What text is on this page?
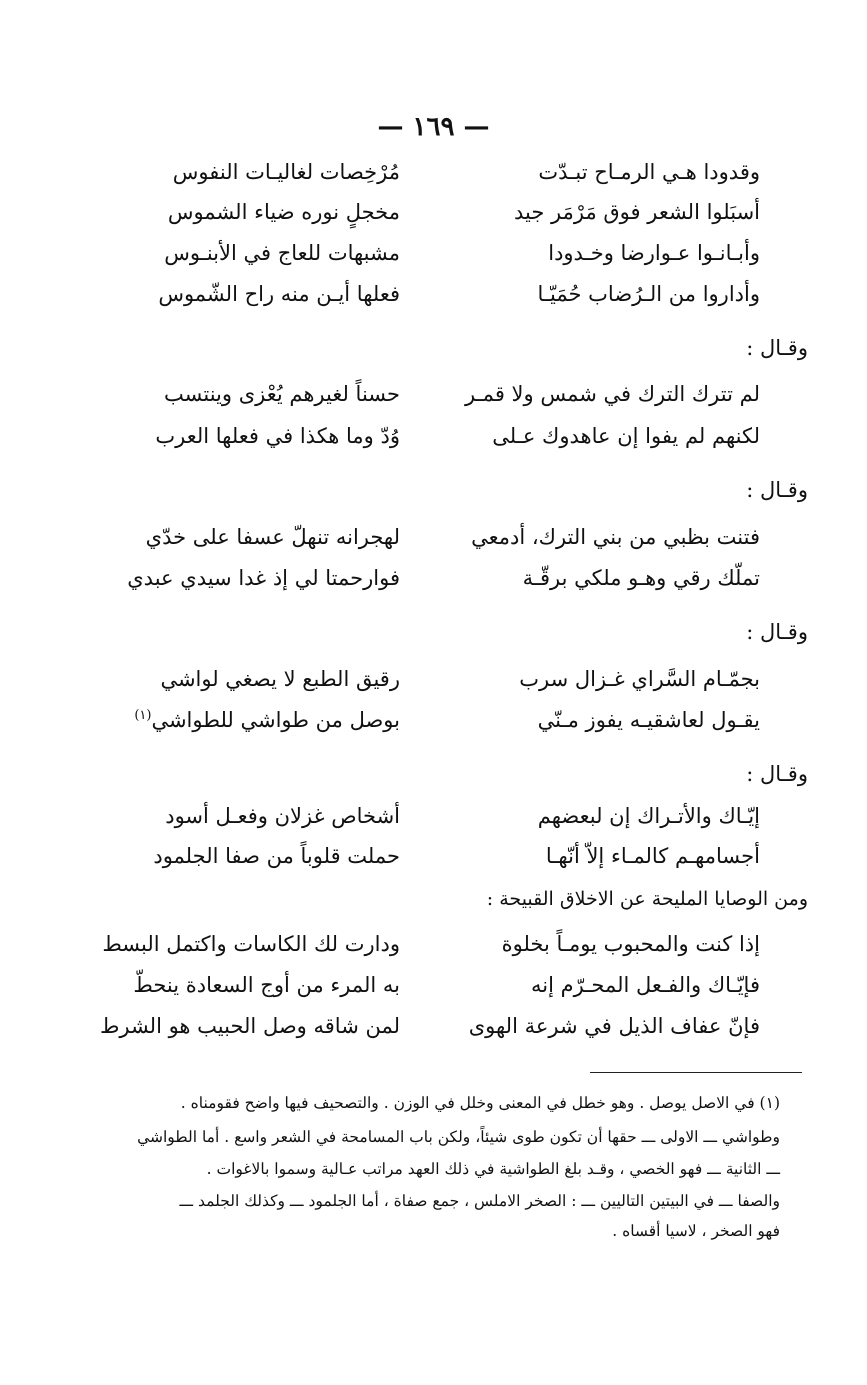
— ١٦٩ —
وقدودا هـي الرمـاح تبـدّت
مُرْخِصات لغاليـات النفوس
أسبَلوا الشعر فوق مَرْمَر جيد
مخجلٍ نوره ضياء الشموس
وأبـانـوا عـوارضا وخـدودا
مشبهات للعاج في الأبنـوس
وأداروا من الـرُضاب حُمَيّـا
فعلها أيـن منه راح الشّموس
وقـال :
لم تترك الترك في شمس ولا قمـر
حسناً لغيرهم يُعْزى وينتسب
لكنهم لم يفوا إن عاهدوك عـلى
وُدّ وما هكذا في فعلها العرب
وقـال :
فتنت بظبي من بني الترك، أدمعي
لهجرانه تنهلّ عسفا على خدّي
تملّك رقي وهـو ملكي برقّـة
فوارحمتا لي إذ غدا سيدي عبدي
وقـال :
بجمّـام السَّراي غـزال سرب
رقيق الطبع لا يصغي لواشي
يقـول لعاشقيـه يفوز مـنّي
بوصل من طواشي للطواشي$^{(١)}$
وقـال :
إيّـاك والأتـراك إن لبعضهم
أشخاص غزلان وفعـل أسود
أجسامهـم كالمـاء إلاّ أنّهـا
حملت قلوباً من صفا الجلمود
ومن الوصايا المليحة عن الاخلاق القبيحة :
إذا كنت والمحبوب يومـاً بخلوة
ودارت لك الكاسات واكتمل البسط
فإيّـاك والفـعل المحـرّم إنه
به المرء من أوج السعادة ينحطّ
فإنّ عفاف الذيل في شرعة الهوى
لمن شاقه وصل الحبيب هو الشرط
(١) في الاصل يوصل . وهو خطل في المعنى وخلل في الوزن . والتصحيف فيها واضح فقومناه .
وطواشي ـــ الاولى ـــ حقها أن تكون طوى شيئاً، ولكن باب المسامحة في الشعر واسع . أما الطواشي
ـــ الثانية ـــ فهو الخصي ، وقـد بلغ الطواشية في ذلك العهد مراتب عـالية وسموا بالاغوات .
والصفا ـــ في البيتين التاليين ـــ : الصخر الاملس ، جمع صفاة ، أما الجلمود ـــ وكذلك الجلمد ـــ
فهو الصخر ، لاسيا أقساه .
